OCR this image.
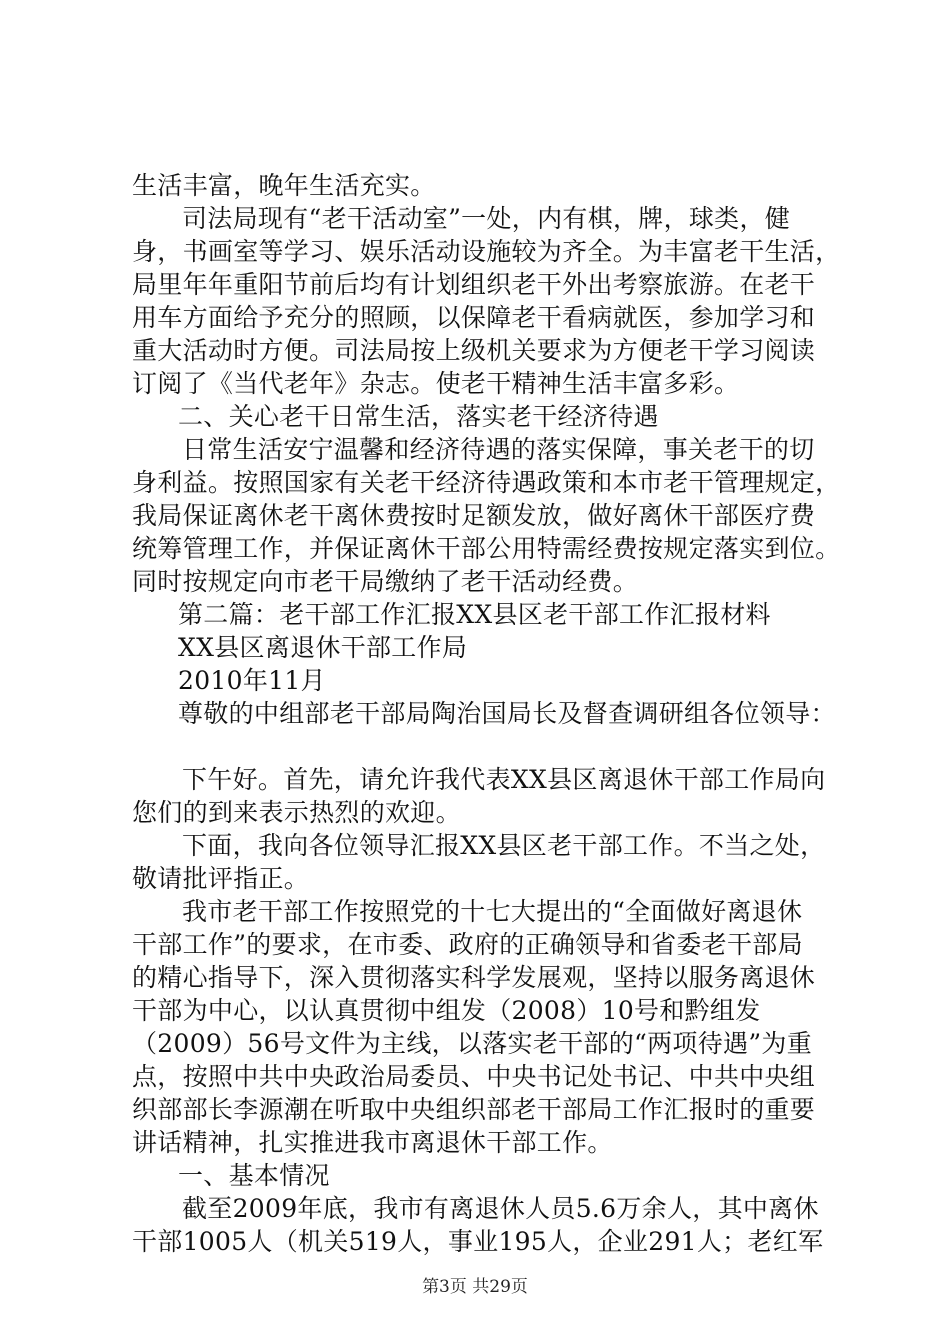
生活丰富，晚年生活充实。
司法局现有“老干活动室”一处，内有棋，牌，球类，健
身，书画室等学习、娱乐活动设施较为齐全。为丰富老干生活，
局里年年重阳节前后均有计划组织老干外出考察旅游。在老干
用车方面给予充分的照顾，以保障老干看病就医，参加学习和
重大活动时方便。司法局按上级机关要求为方便老干学习阅读
订阅了《当代老年》杂志。使老干精神生活丰富多彩。
二、关心老干日常生活，落实老干经济待遇
日常生活安宁温馨和经济待遇的落实保障，事关老干的切
身利益。按照国家有关老干经济待遇政策和本市老干管理规定，
我局保证离休老干离休费按时足额发放，做好离休干部医疗费
统筹管理工作，并保证离休干部公用特需经费按规定落实到位。
同时按规定向市老干局缴纳了老干活动经费。
第二篇：老干部工作汇报XX县区老干部工作汇报材料
XX县区离退休干部工作局
2010年11月
尊敬的中组部老干部局陶治国局长及督查调研组各位领导：
下午好。首先，请允许我代表XX县区离退休干部工作局向
您们的到来表示热烈的欢迎。
下面，我向各位领导汇报XX县区老干部工作。不当之处，
敬请批评指正。
我市老干部工作按照党的十七大提出的“全面做好离退休
干部工作”的要求，在市委、政府的正确领导和省委老干部局
的精心指导下，深入贯彻落实科学发展观，坚持以服务离退休
干部为中心，以认真贯彻中组发（2008）10号和黔组发
（2009）56号文件为主线，以落实老干部的“两项待遇”为重
点，按照中共中央政治局委员、中央书记处书记、中共中央组
织部部长李源潮在听取中央组织部老干部局工作汇报时的重要
讲话精神，扎实推进我市离退休干部工作。
一、基本情况
截至2009年底，我市有离退休人员5.6万余人，其中离休
干部1005人（机关519人，事业195人，企业291人；老红军
第3页 共29页
